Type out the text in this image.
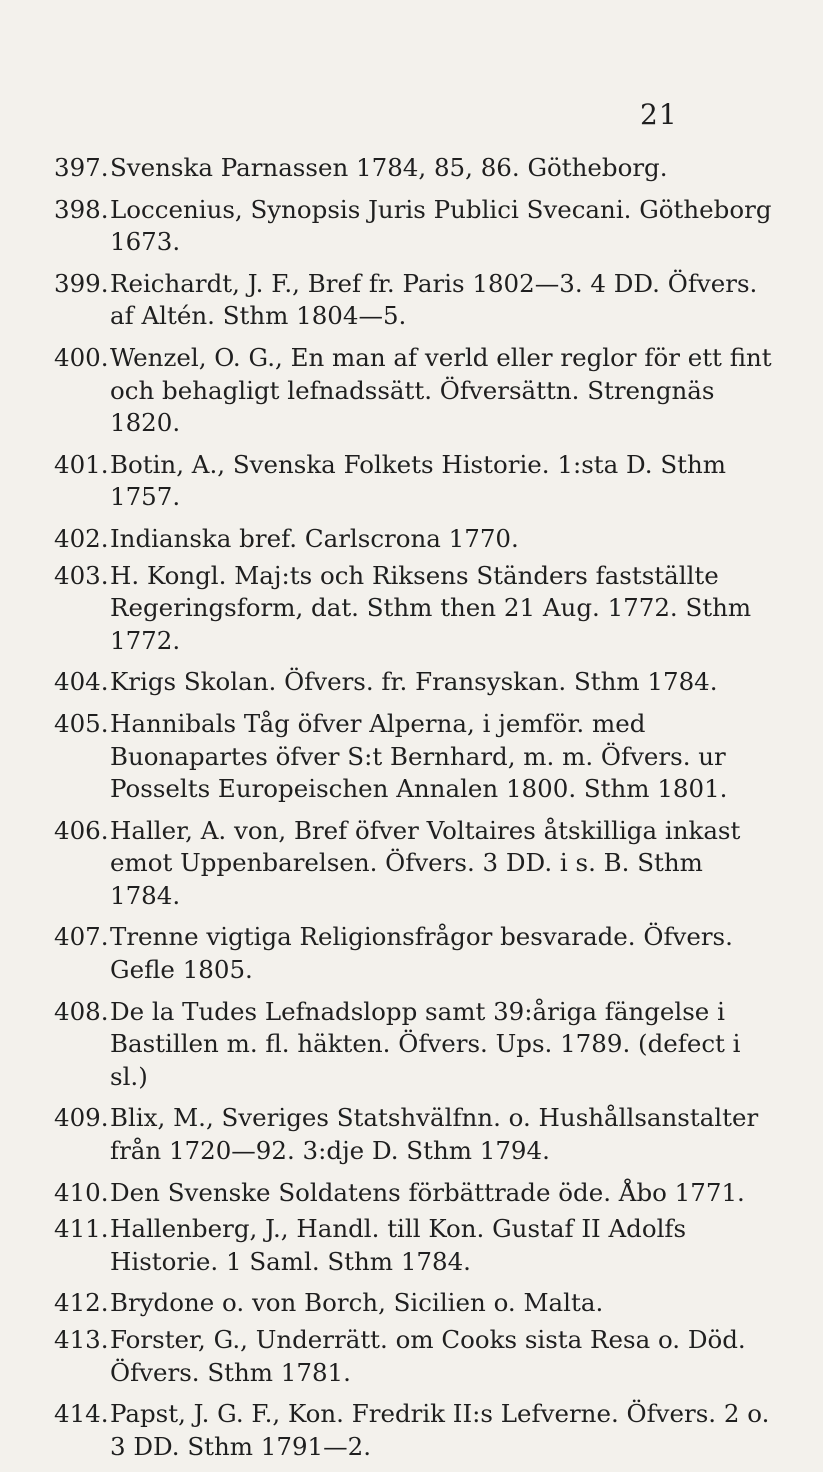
21
397. Svenska Parnassen 1784, 85, 86. Götheborg.
398. Loccenius, Synopsis Juris Publici Svecani. Götheborg 1673.
399. Reichardt, J. F., Bref fr. Paris 1802—3. 4 DD. Öfvers. af Altén. Sthm 1804—5.
400. Wenzel, O. G., En man af verld eller reglor för ett fint och behagligt lefnadssätt. Öfversättn. Strengnäs 1820.
401. Botin, A., Svenska Folkets Historie. 1:sta D. Sthm 1757.
402. Indianska bref. Carlscrona 1770.
403. H. Kongl. Maj:ts och Riksens Ständers fastställte Regeringsform, dat. Sthm then 21 Aug. 1772. Sthm 1772.
404. Krigs Skolan. Öfvers. fr. Fransyskan. Sthm 1784.
405. Hannibals Tåg öfver Alperna, i jemför. med Buonapartes öfver S:t Bernhard, m. m. Öfvers. ur Posselts Europeischen Annalen 1800. Sthm 1801.
406. Haller, A. von, Bref öfver Voltaires åtskilliga inkast emot Uppenbarelsen. Öfvers. 3 DD. i s. B. Sthm 1784.
407. Trenne vigtiga Religionsfrågor besvarade. Öfvers. Gefle 1805.
408. De la Tudes Lefnadslopp samt 39:åriga fängelse i Bastillen m. fl. häkten. Öfvers. Ups. 1789. (defect i sl.)
409. Blix, M., Sveriges Statshvälfnn. o. Hushållsanstalter från 1720—92. 3:dje D. Sthm 1794.
410. Den Svenske Soldatens förbättrade öde. Åbo 1771.
411. Hallenberg, J., Handl. till Kon. Gustaf II Adolfs Historie. 1 Saml. Sthm 1784.
412. Brydone o. von Borch, Sicilien o. Malta.
413. Forster, G., Underrätt. om Cooks sista Resa o. Död. Öfvers. Sthm 1781.
414. Papst, J. G. F., Kon. Fredrik II:s Lefverne. Öfvers. 2 o. 3 DD. Sthm 1791—2.
